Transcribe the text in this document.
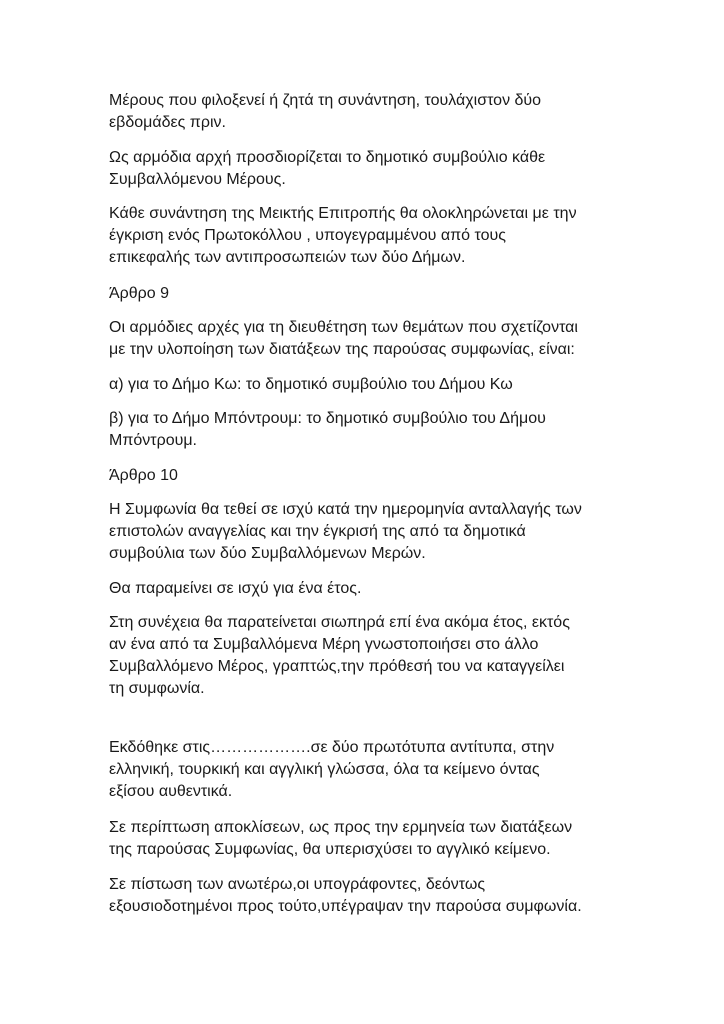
Μέρους που φιλοξενεί ή ζητά τη συνάντηση, τουλάχιστον δύο
εβδομάδες πριν.
Ως αρμόδια αρχή προσδιορίζεται το δημοτικό συμβούλιο κάθε
Συμβαλλόμενου Μέρους.
Κάθε συνάντηση της Μεικτής Επιτροπής θα ολοκληρώνεται με την
έγκριση ενός Πρωτοκόλλου , υπογεγραμμένου από τους
επικεφαλής των αντιπροσωπειών των δύο Δήμων.
Άρθρο 9
Οι αρμόδιες αρχές για τη διευθέτηση των θεμάτων που σχετίζονται
με την υλοποίηση των διατάξεων της παρούσας συμφωνίας, είναι:
α) για το Δήμο Κω: το δημοτικό συμβούλιο του Δήμου Κω
β) για το Δήμο Μπόντρουμ: το δημοτικό συμβούλιο του Δήμου
Μπόντρουμ.
Άρθρο 10
Η Συμφωνία θα τεθεί σε ισχύ κατά την ημερομηνία ανταλλαγής των
επιστολών αναγγελίας και την έγκρισή της από τα δημοτικά
συμβούλια των δύο Συμβαλλόμενων Μερών.
Θα παραμείνει σε ισχύ για ένα έτος.
Στη συνέχεια θα παρατείνεται σιωπηρά επί ένα ακόμα έτος, εκτός
αν ένα από τα Συμβαλλόμενα Μέρη γνωστοποιήσει στο άλλο
Συμβαλλόμενο Μέρος, γραπτώς,την πρόθεσή του να καταγγείλει
τη συμφωνία.
Εκδόθηκε στις……………….σε δύο πρωτότυπα αντίτυπα, στην
ελληνική, τουρκική και αγγλική γλώσσα, όλα τα κείμενο όντας
εξίσου αυθεντικά.
Σε περίπτωση αποκλίσεων, ως προς την ερμηνεία των διατάξεων
της παρούσας Συμφωνίας, θα υπερισχύσει το αγγλικό κείμενο.
Σε πίστωση των ανωτέρω,οι υπογράφοντες, δεόντως
εξουσιοδοτημένοι προς τούτο,υπέγραψαν την παρούσα συμφωνία.
